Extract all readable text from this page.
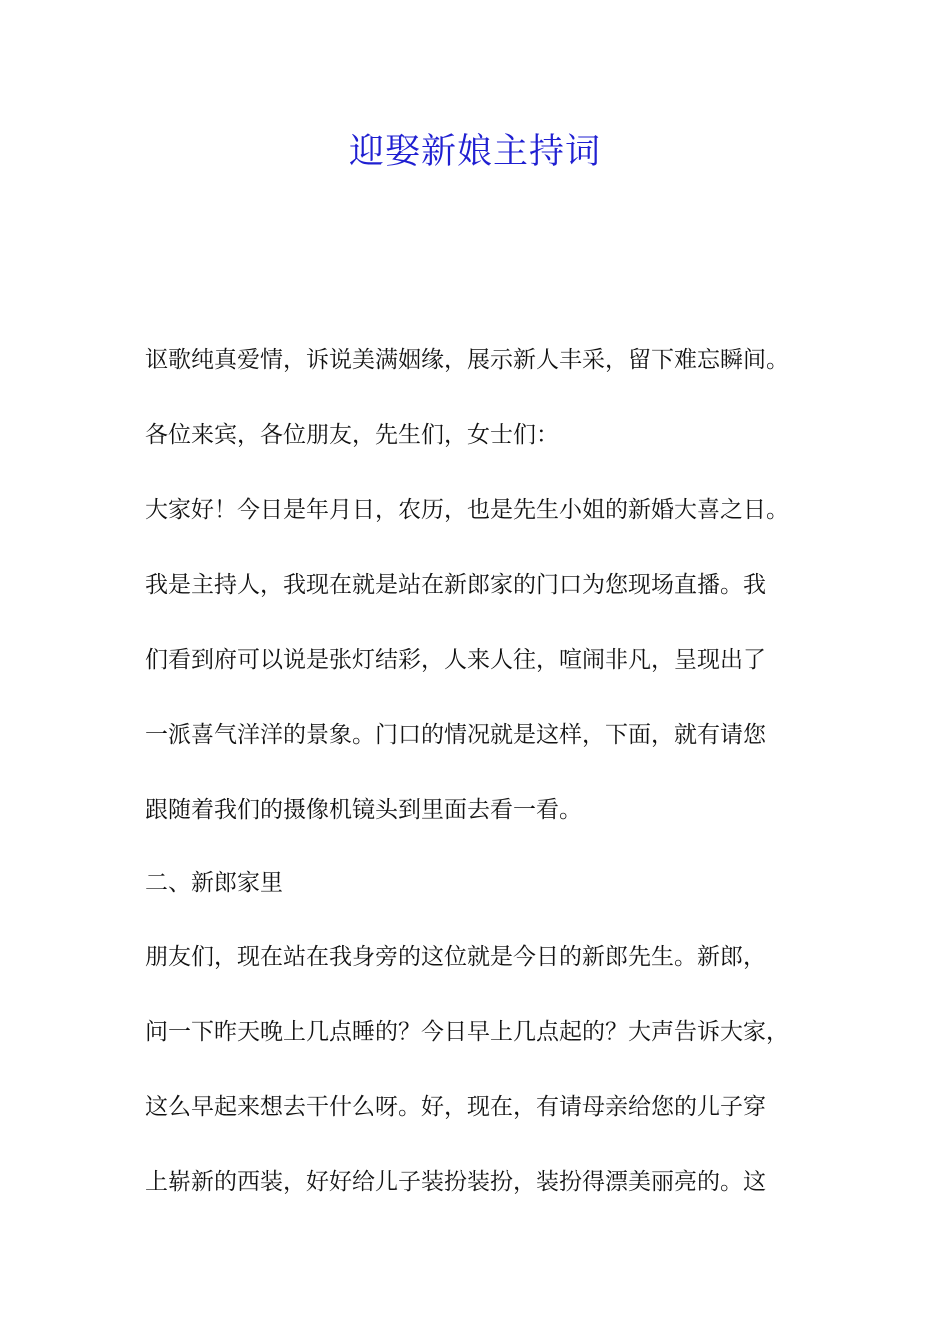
迎娶新娘主持词
讴歌纯真爱情，诉说美满姻缘，展示新人丰采，留下难忘瞬间。
各位来宾，各位朋友，先生们，女士们：
大家好！今日是年月日，农历，也是先生小姐的新婚大喜之日。
我是主持人，我现在就是站在新郎家的门口为您现场直播。我
们看到府可以说是张灯结彩，人来人往，喧闹非凡，呈现出了
一派喜气洋洋的景象。门口的情况就是这样，下面，就有请您
跟随着我们的摄像机镜头到里面去看一看。
二、新郎家里
朋友们，现在站在我身旁的这位就是今日的新郎先生。新郎，
问一下昨天晚上几点睡的？今日早上几点起的？大声告诉大家，
这么早起来想去干什么呀。好，现在，有请母亲给您的儿子穿
上崭新的西装，好好给儿子装扮装扮，装扮得漂美丽亮的。这
